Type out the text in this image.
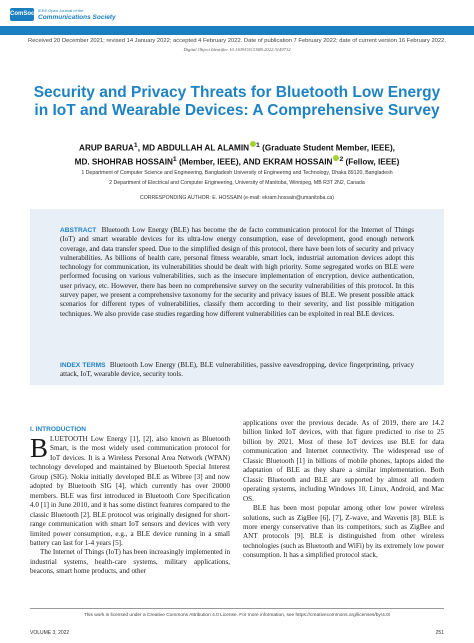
ComSoc
IEEE Open Journal of the
Communications Society
Received 20 December 2021; revised 14 January 2022; accepted 4 February 2022. Date of publication 7 February 2022; date of current version 16 February 2022.
Digital Object Identifier 10.1109/OJCOMS.2022.3149732
Security and Privacy Threats for Bluetooth Low Energy in IoT and Wearable Devices: A Comprehensive Survey
ARUP BARUA$^1$, MD ABDULLAH AL ALAMIN $^1$ (Graduate Student Member, IEEE),
MD. SHOHRAB HOSSAIN$^1$ (Member, IEEE), AND EKRAM HOSSAIN $^2$ (Fellow, IEEE)
1 Department of Computer Science and Engineering, Bangladesh University of Engineering and Technology, Dhaka 89120, Bangladesh
2 Department of Electrical and Computer Engineering, University of Manitoba, Winnipeg, MB R3T 2N2, Canada
CORRESPONDING AUTHOR: E. HOSSAIN (e-mail: ekram.hossain@umanitoba.ca)
ABSTRACT Bluetooth Low Energy (BLE) has become the de facto communication protocol for the Internet of Things (IoT) and smart wearable devices for its ultra-low energy consumption, ease of development, good enough network coverage, and data transfer speed. Due to the simplified design of this protocol, there have been lots of security and privacy vulnerabilities. As billions of health care, personal fitness wearable, smart lock, industrial automation devices adopt this technology for communication, its vulnerabilities should be dealt with high priority. Some segregated works on BLE were performed focusing on various vulnerabilities, such as the insecure implementation of encryption, device authentication, user privacy, etc. However, there has been no comprehensive survey on the security vulnerabilities of this protocol. In this survey paper, we present a comprehensive taxonomy for the security and privacy issues of BLE. We present possible attack scenarios for different types of vulnerabilities, classify them according to their severity, and list possible mitigation techniques. We also provide case studies regarding how different vulnerabilities can be exploited in real BLE devices.
INDEX TERMS Bluetooth Low Energy (BLE), BLE vulnerabilities, passive eavesdropping, device fingerprinting, privacy attack, IoT, wearable device, security tools.
I. INTRODUCTION
BLUETOOTH Low Energy [1], [2], also known as Bluetooth Smart, is the most widely used communication protocol for IoT devices. It is a Wireless Personal Area Network (WPAN) technology developed and maintained by Bluetooth Special Interest Group (SIG). Nokia initially developed BLE as Wibree [3] and now adopted by Bluetooth SIG [4], which currently has over 20000 members. BLE was first introduced in Bluetooth Core Specification 4.0 [1] in June 2010, and it has some distinct features compared to the classic Bluetooth [2]. BLE protocol was originally designed for short-range communication with smart IoT sensors and devices with very limited power consumption, e.g., a BLE device running in a small battery can last for 1-4 years [5].
The Internet of Things (IoT) has been increasingly implemented in industrial systems, health-care systems, military applications, beacons, smart home products, and other
applications over the previous decade. As of 2019, there are 14.2 billion linked IoT devices, with that figure predicted to rise to 25 billion by 2021. Most of these IoT devices use BLE for data communication and Internet connectivity. The widespread use of Classic Bluetooth [1] in billions of mobile phones, laptops aided the adaptation of BLE as they share a similar implementation. Both Classic Bluetooth and BLE are supported by almost all modern operating systems, including Windows 10, Linux, Android, and Mac OS.
BLE has been most popular among other low power wireless solutions, such as ZigBee [6], [7], Z-wave, and Wavenis [8]. BLE is more energy conservative than its competitors, such as ZigBee and ANT protocols [9]. BLE is distinguished from other wireless technologies (such as Bluetooth and WiFi) by its extremely low power consumption. It has a simplified protocol stack,
This work is licensed under a Creative Commons Attribution 4.0 License. For more information, see https://creativecommons.org/licenses/by/4.0/
VOLUME 3, 2022	251
